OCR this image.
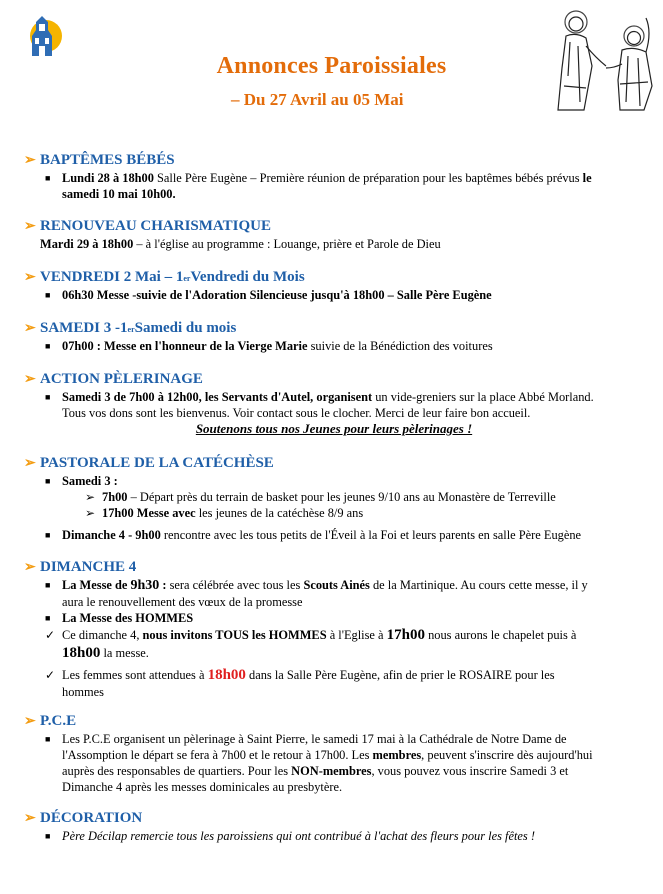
Annonces Paroissiales
– Du 27 Avril au 05 Mai
➢ BAPTÊMES BÉBÉS
■ Lundi 28 à 18h00 Salle Père Eugène – Première réunion de préparation pour les baptêmes bébés prévus le
samedi 10 mai 10h00.
➢ RENOUVEAU CHARISMATIQUE
Mardi 29 à 18h00 – à l'église au programme : Louange, prière et Parole de Dieu
➢ VENDREDI 2 Mai – 1 er Vendredi du Mois
■ 06h30 Messe -suivie de l'Adoration Silencieuse jusqu'à 18h00 – Salle Père Eugène
➢ SAMEDI 3 -1 er Samedi du mois
■ 07h00 : Messe en l'honneur de la Vierge Marie suivie de la Bénédiction des voitures
➢ ACTION PÈLERINAGE
■ Samedi 3 de 7h00 à 12h00, les Servants d'Autel, organisent un vide-greniers sur la place Abbé Morland.
Tous vos dons sont les bienvenus. Voir contact sous le clocher. Merci de leur faire bon accueil.
Soutenons tous nos Jeunes pour leurs pèlerinages !
➢ PASTORALE DE LA CATÉCHÈSE
■ Samedi 3 :
➢ 7h00 – Départ près du terrain de basket pour les jeunes 9/10 ans au Monastère de Terreville
➢ 17h00 Messe avec les jeunes de la catéchèse 8/9 ans
■ Dimanche 4 - 9h00 rencontre avec les tous petits de l'Éveil à la Foi et leurs parents en salle Père Eugène
➢ DIMANCHE 4
■ La Messe de 9h30 : sera célébrée avec tous les Scouts Ainés de la Martinique. Au cours cette messe, il y
aura le renouvellement des vœux de la promesse
■ La Messe des HOMMES
✓ Ce dimanche 4, nous invitons TOUS les HOMMES à l'Eglise à 17h00 nous aurons le chapelet puis à
18h00 la messe.
✓ Les femmes sont attendues à 18h00 dans la Salle Père Eugène, afin de prier le ROSAIRE pour les
hommes
➢ P.C.E
■ Les P.C.E organisent un pèlerinage à Saint Pierre, le samedi 17 mai à la Cathédrale de Notre Dame de
l'Assomption le départ se fera à 7h00 et le retour à 17h00. Les membres, peuvent s'inscrire dès aujourd'hui
auprès des responsables de quartiers. Pour les NON-membres, vous pouvez vous inscrire Samedi 3 et
Dimanche 4 après les messes dominicales au presbytère.
➢ DÉCORATION
■ Père Décilap remercie tous les paroissiens qui ont contribué à l'achat des fleurs pour les fêtes !
